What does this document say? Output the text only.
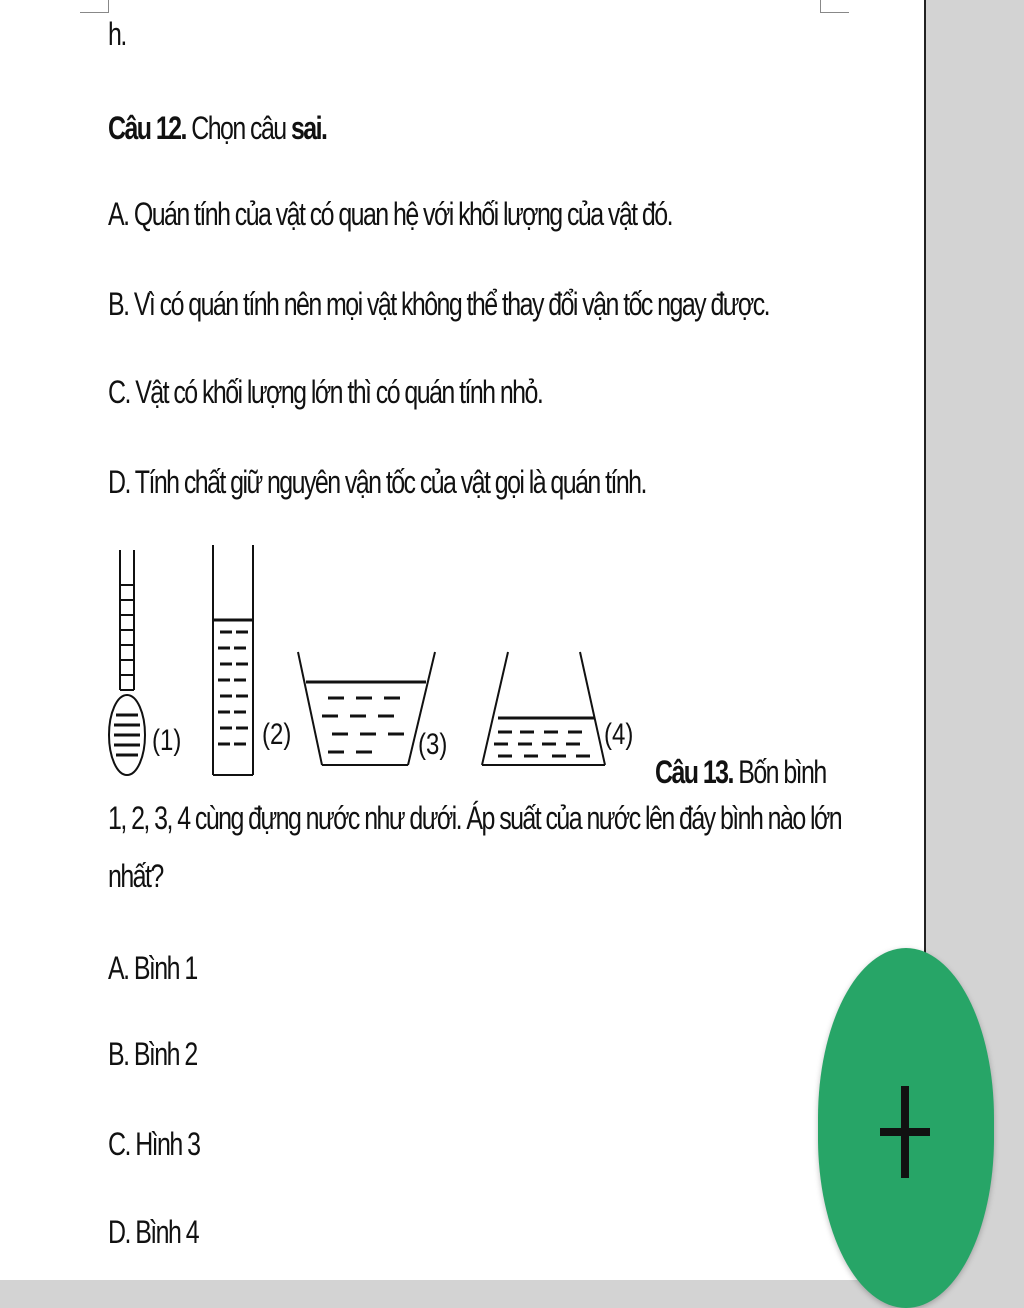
h.
Câu 12. Chọn câu sai.
A. Quán tính của vật có quan hệ với khối lượng của vật đó.
B. Vì có quán tính nên mọi vật không thể thay đổi vận tốc ngay được.
C. Vật có khối lượng lớn thì có quán tính nhỏ.
D. Tính chất giữ nguyên vận tốc của vật gọi là quán tính.
(1)	(2)	(3)	(4)
Câu 13. Bốn bình
1, 2, 3, 4 cùng đựng nước như dưới. Áp suất của nước lên đáy bình nào lớn
nhất?
A. Bình 1
B. Bình 2
C. Hình 3
D. Bình 4
